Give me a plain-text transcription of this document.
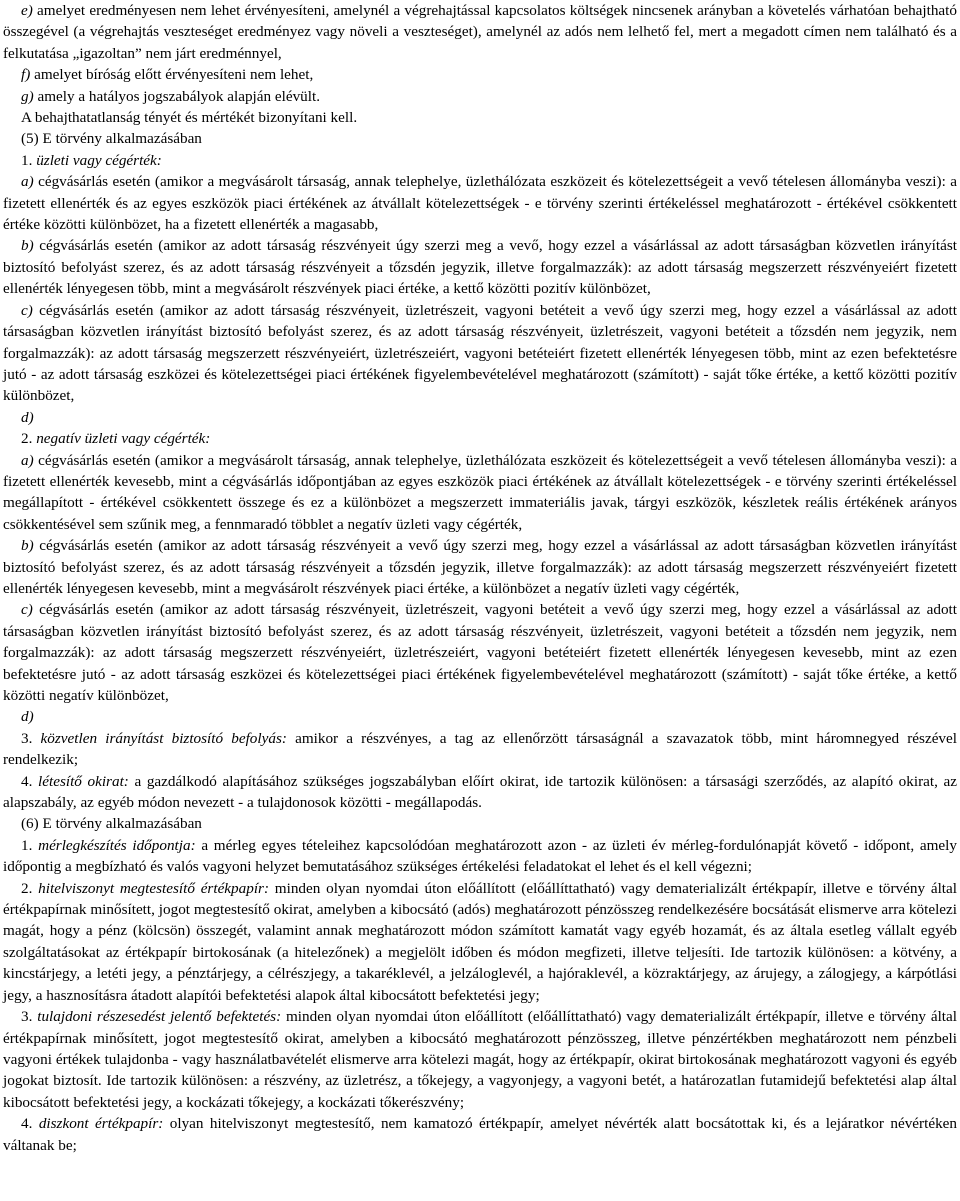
e) amelyet eredményesen nem lehet érvényesíteni, amelynél a végrehajtással kapcsolatos költségek nincsenek arányban a követelés várhatóan behajtható összegével (a végrehajtás veszteséget eredményez vagy növeli a veszteséget), amelynél az adós nem lelhető fel, mert a megadott címen nem található és a felkutatása „igazoltan” nem járt eredménnyel,

f) amelyet bíróság előtt érvényesíteni nem lehet,

g) amely a hatályos jogszabályok alapján elévült.

A behajthatatlanság tényét és mértékét bizonyítani kell.

(5) E törvény alkalmazásában

1. üzleti vagy cégérték:

a) cégvásárlás esetén (amikor a megvásárolt társaság, annak telephelye, üzlethálózata eszközeit és kötelezettségeit a vevő tételesen állományba veszi): a fizetett ellenérték és az egyes eszközök piaci értékének az átvállalt kötelezettségek - e törvény szerinti értékeléssel meghatározott - értékével csökkentett értéke közötti különbözet, ha a fizetett ellenérték a magasabb,

b) cégvásárlás esetén (amikor az adott társaság részvényeit úgy szerzi meg a vevő, hogy ezzel a vásárlással az adott társaságban közvetlen irányítást biztosító befolyást szerez, és az adott társaság részvényeit a tőzsdén jegyzik, illetve forgalmazzák): az adott társaság megszerzett részvényeiért fizetett ellenérték lényegesen több, mint a megvásárolt részvények piaci értéke, a kettő közötti pozitív különbözet,

c) cégvásárlás esetén (amikor az adott társaság részvényeit, üzletrészeit, vagyoni betéteit a vevő úgy szerzi meg, hogy ezzel a vásárlással az adott társaságban közvetlen irányítást biztosító befolyást szerez, és az adott társaság részvényeit, üzletrészeit, vagyoni betéteit a tőzsdén nem jegyzik, nem forgalmazzák): az adott társaság megszerzett részvényeiért, üzletrészeiért, vagyoni betéteiért fizetett ellenérték lényegesen több, mint az ezen befektetésre jutó - az adott társaság eszközei és kötelezettségei piaci értékének figyelembevételével meghatározott (számított) - saját tőke értéke, a kettő közötti pozitív különbözet,

d)

2. negatív üzleti vagy cégérték:

a) cégvásárlás esetén (amikor a megvásárolt társaság, annak telephelye, üzlethálózata eszközeit és kötelezettségeit a vevő tételesen állományba veszi): a fizetett ellenérték kevesebb, mint a cégvásárlás időpontjában az egyes eszközök piaci értékének az átvállalt kötelezettségek - e törvény szerinti értékeléssel megállapított - értékével csökkentett összege és ez a különbözet a megszerzett immateriális javak, tárgyi eszközök, készletek reális értékének arányos csökkentésével sem szűnik meg, a fennmaradó többlet a negatív üzleti vagy cégérték,

b) cégvásárlás esetén (amikor az adott társaság részvényeit a vevő úgy szerzi meg, hogy ezzel a vásárlással az adott társaságban közvetlen irányítást biztosító befolyást szerez, és az adott társaság részvényeit a tőzsdén jegyzik, illetve forgalmazzák): az adott társaság megszerzett részvényeiért fizetett ellenérték lényegesen kevesebb, mint a megvásárolt részvények piaci értéke, a különbözet a negatív üzleti vagy cégérték,

c) cégvásárlás esetén (amikor az adott társaság részvényeit, üzletrészeit, vagyoni betéteit a vevő úgy szerzi meg, hogy ezzel a vásárlással az adott társaságban közvetlen irányítást biztosító befolyást szerez, és az adott társaság részvényeit, üzletrészeit, vagyoni betéteit a tőzsdén nem jegyzik, nem forgalmazzák): az adott társaság megszerzett részvényeiért, üzletrészeiért, vagyoni betéteiért fizetett ellenérték lényegesen kevesebb, mint az ezen befektetésre jutó - az adott társaság eszközei és kötelezettségei piaci értékének figyelembevételével meghatározott (számított) - saját tőke értéke, a kettő közötti negatív különbözet,

d)

3. közvetlen irányítást biztosító befolyás: amikor a részvényes, a tag az ellenőrzött társaságnál a szavazatok több, mint háromnegyed részével rendelkezik;

4. létesítő okirat: a gazdálkodó alapításához szükséges jogszabályban előírt okirat, ide tartozik különösen: a társasági szerződés, az alapító okirat, az alapszabály, az egyéb módon nevezett - a tulajdonosok közötti - megállapodás.

(6) E törvény alkalmazásában

1. mérlegkészítés időpontja: a mérleg egyes tételeihez kapcsolódóan meghatározott azon - az üzleti év mérleg-fordulónapját követő - időpont, amely időpontig a megbízható és valós vagyoni helyzet bemutatásához szükséges értékelési feladatokat el lehet és el kell végezni;

2. hitelviszonyt megtestesítő értékpapír: minden olyan nyomdai úton előállított (előállíttatható) vagy dematerializált értékpapír, illetve e törvény által értékpapírnak minősített, jogot megtestesítő okirat, amelyben a kibocsátó (adós) meghatározott pénzösszeg rendelkezésére bocsátását elismerve arra kötelezi magát, hogy a pénz (kölcsön) összegét, valamint annak meghatározott módon számított kamatát vagy egyéb hozamát, és az általa esetleg vállalt egyéb szolgáltatásokat az értékpapír birtokosának (a hitelezőnek) a megjelölt időben és módon megfizeti, illetve teljesíti. Ide tartozik különösen: a kötvény, a kincstárjegy, a letéti jegy, a pénztárjegy, a célrészjegy, a takaréklevél, a jelzáloglevél, a hajóraklevél, a közraktárjegy, az árujegy, a zálogjegy, a kárpótlási jegy, a hasznosításra átadott alapítói befektetési alapok által kibocsátott befektetési jegy;

3. tulajdoni részesedést jelentő befektetés: minden olyan nyomdai úton előállított (előállíttatható) vagy dematerializált értékpapír, illetve e törvény által értékpapírnak minősített, jogot megtestesítő okirat, amelyben a kibocsátó meghatározott pénzösszeg, illetve pénzértékben meghatározott nem pénzbeli vagyoni értékek tulajdonba - vagy használatbavételét elismerve arra kötelezi magát, hogy az értékpapír, okirat birtokosának meghatározott vagyoni és egyéb jogokat biztosít. Ide tartozik különösen: a részvény, az üzletrész, a tőkejegy, a vagyonjegy, a vagyoni betét, a határozatlan futamidejű befektetési alap által kibocsátott befektetési jegy, a kockázati tőkejegy, a kockázati tőkerészvény;

4. diszkont értékpapír: olyan hitelviszonyt megtestesítő, nem kamatozó értékpapír, amelyet névérték alatt bocsátottak ki, és a lejáratkor névértéken váltanak be;
